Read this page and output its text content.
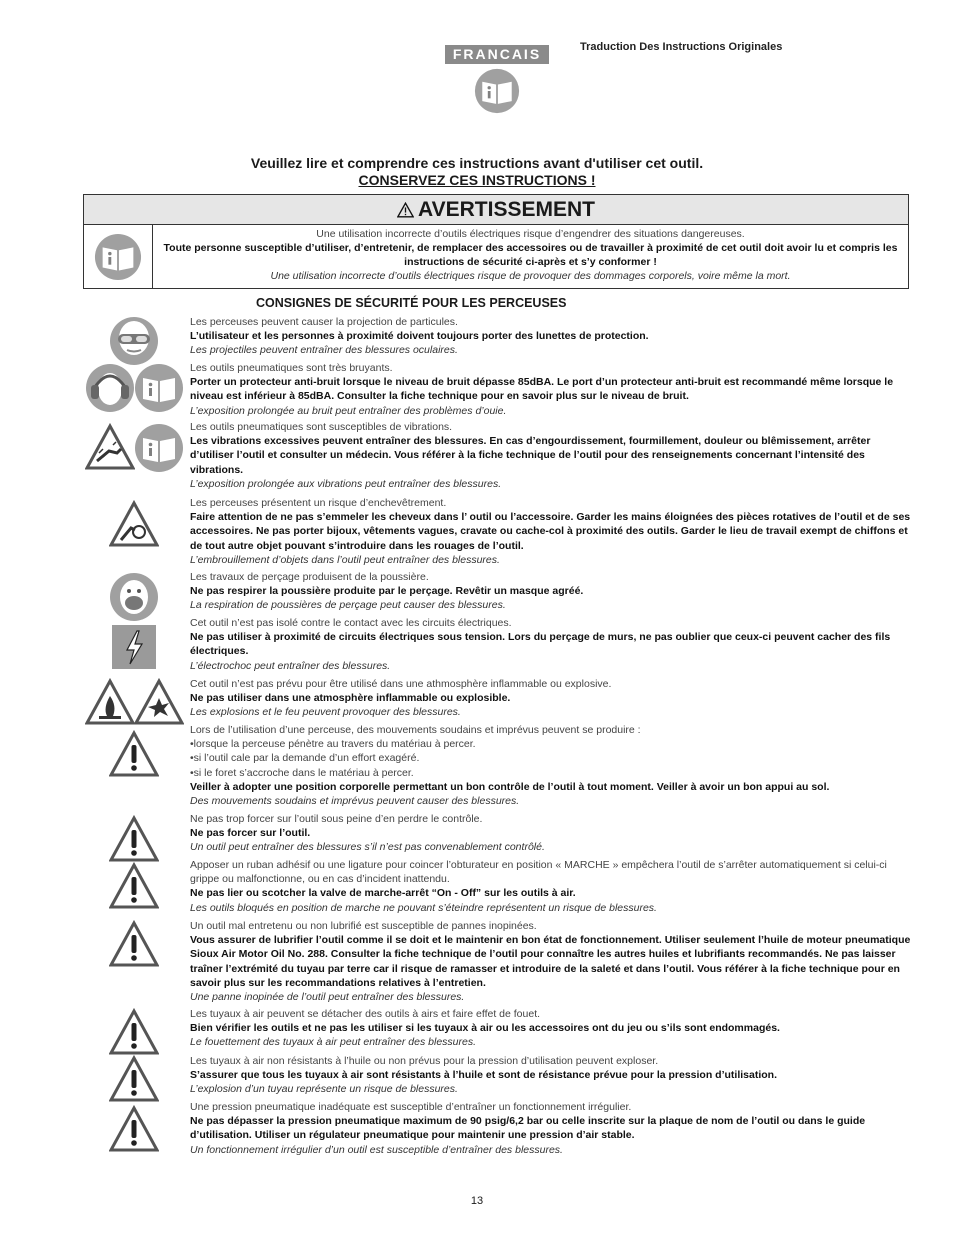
FRANCAIS	Traduction Des Instructions Originales
Veuillez lire et comprendre ces instructions avant d'utiliser cet outil.
CONSERVEZ CES INSTRUCTIONS !
AVERTISSEMENT
Une utilisation incorrecte d’outils électriques risque d’engendrer des situations dangereuses.
Toute personne susceptible d’utiliser, d’entretenir, de remplacer des accessoires ou de travailler à proximité de cet outil doit avoir lu et compris les instructions de sécurité ci-après et s’y conformer !
Une utilisation incorrecte d’outils électriques risque de provoquer des dommages corporels, voire même la mort.
CONSIGNES DE SÉCURITÉ POUR LES PERCEUSES
Les perceuses peuvent causer la projection de particules.
L’utilisateur et les personnes à proximité doivent toujours porter des lunettes de protection.
Les projectiles peuvent entraîner des blessures oculaires.
Les outils pneumatiques sont très bruyants.
Porter un protecteur anti-bruit lorsque le niveau de bruit dépasse 85dBA. Le port d’un protecteur anti-bruit est recommandé même lorsque le niveau est inférieur à 85dBA. Consulter la fiche technique pour en savoir plus sur le niveau de bruit.
L’exposition prolongée au bruit peut entraîner des problèmes d’ouie.
Les outils pneumatiques sont susceptibles de vibrations.
Les vibrations excessives peuvent entraîner des blessures. En cas d’engourdissement, fourmillement, douleur ou blêmissement, arrêter d’utiliser l’outil et consulter un médecin. Vous référer à la fiche technique de l’outil pour des renseignements concernant l’intensité des vibrations.
L’exposition prolongée aux vibrations peut entraîner des blessures.
Les perceuses présentent un risque d’enchevêtrement.
Faire attention de ne pas s’emmeler les cheveux dans l’ outil ou l’accessoire. Garder les mains éloignées des pièces rotatives de l’outil et de ses accessoires. Ne pas porter bijoux, vêtements vagues, cravate ou cache-col à proximité des outils. Garder le lieu de travail exempt de chiffons et de tout autre objet pouvant s’introduire dans les rouages de l’outil.
L’embrouillement d’objets dans l’outil peut entraîner des blessures.
Les travaux de perçage produisent de la poussière.
Ne pas respirer la poussière produite par le perçage. Revêtir un masque agréé.
La respiration de poussières de perçage peut causer des blessures.
Cet outil n’est pas isolé contre le contact avec les circuits électriques.
Ne pas utiliser à proximité de circuits électriques sous tension. Lors du perçage de murs, ne pas oublier que ceux-ci peuvent cacher des fils électriques.
L’électrochoc peut entraîner des blessures.
Cet outil n’est pas prévu pour être utilisé dans une athmosphère inflammable ou explosive.
Ne pas utiliser dans une atmosphère inflammable ou explosible.
Les explosions et le feu peuvent provoquer des blessures.
Lors de l’utilisation d’une perceuse, des mouvements soudains et imprévus peuvent se produire :
•lorsque la perceuse pénètre au travers du matériau à percer.
•si l’outil cale par la demande d’un effort exagéré.
•si le foret s’accroche dans le matériau à percer.
Veiller à adopter une position corporelle permettant un bon contrôle de l’outil à tout moment. Veiller à avoir un bon appui au sol.
Des mouvements soudains et imprévus peuvent causer des blessures.
Ne pas trop forcer sur l’outil sous peine d’en perdre le contrôle.
Ne pas forcer sur l’outil.
Un outil peut entraîner des blessures s’il n’est pas convenablement contrôlé.
Apposer un ruban adhésif ou une ligature pour coincer l’obturateur en position « MARCHE » empêchera l’outil de s’arrêter automatiquement si celui-ci grippe ou malfonctionne, ou en cas d’incident inattendu.
Ne pas lier ou scotcher la valve de marche-arrêt “On - Off” sur les outils à air.
Les outils bloqués en position de marche ne pouvant s’éteindre représentent un risque de blessures.
Un outil mal entretenu ou non lubrifié est susceptible de pannes inopinées.
Vous assurer de lubrifier l’outil comme il se doit et le maintenir en bon état de fonctionnement. Utiliser seulement l’huile de moteur pneumatique Sioux Air Motor Oil No. 288. Consulter la fiche technique de l’outil pour connaître les autres huiles et lubrifiants recommandés. Ne pas laisser traîner l’extrémité du tuyau par terre car il risque de ramasser et introduire de la saleté et dans l’outil. Vous référer à la fiche technique pour en savoir plus sur les recommandations relatives à l’entretien.
Une panne inopinée de l’outil peut entraîner des blessures.
Les tuyaux à air peuvent se détacher des outils à airs et faire effet de fouet.
Bien vérifier les outils et ne pas les utiliser si les tuyaux à air ou les accessoires ont du jeu ou s’ils sont endommagés.
Le fouettement des tuyaux à air peut entraîner des blessures.
Les tuyaux à air non résistants à l’huile ou non prévus pour la pression d’utilisation peuvent exploser.
S’assurer que tous les tuyaux à air sont résistants à l’huile et sont de résistance prévue pour la pression d’utilisation.
L’explosion d’un tuyau représente un risque de blessures.
Une pression pneumatique inadéquate est susceptible d’entraîner un fonctionnement irrégulier.
Ne pas dépasser la pression pneumatique maximum de 90 psig/6,2 bar ou celle inscrite sur la plaque de nom de l’outil ou dans le guide d’utilisation. Utiliser un régulateur pneumatique pour maintenir une pression d’air stable.
Un fonctionnement irrégulier d’un outil est susceptible d’entraîner des blessures.
13
